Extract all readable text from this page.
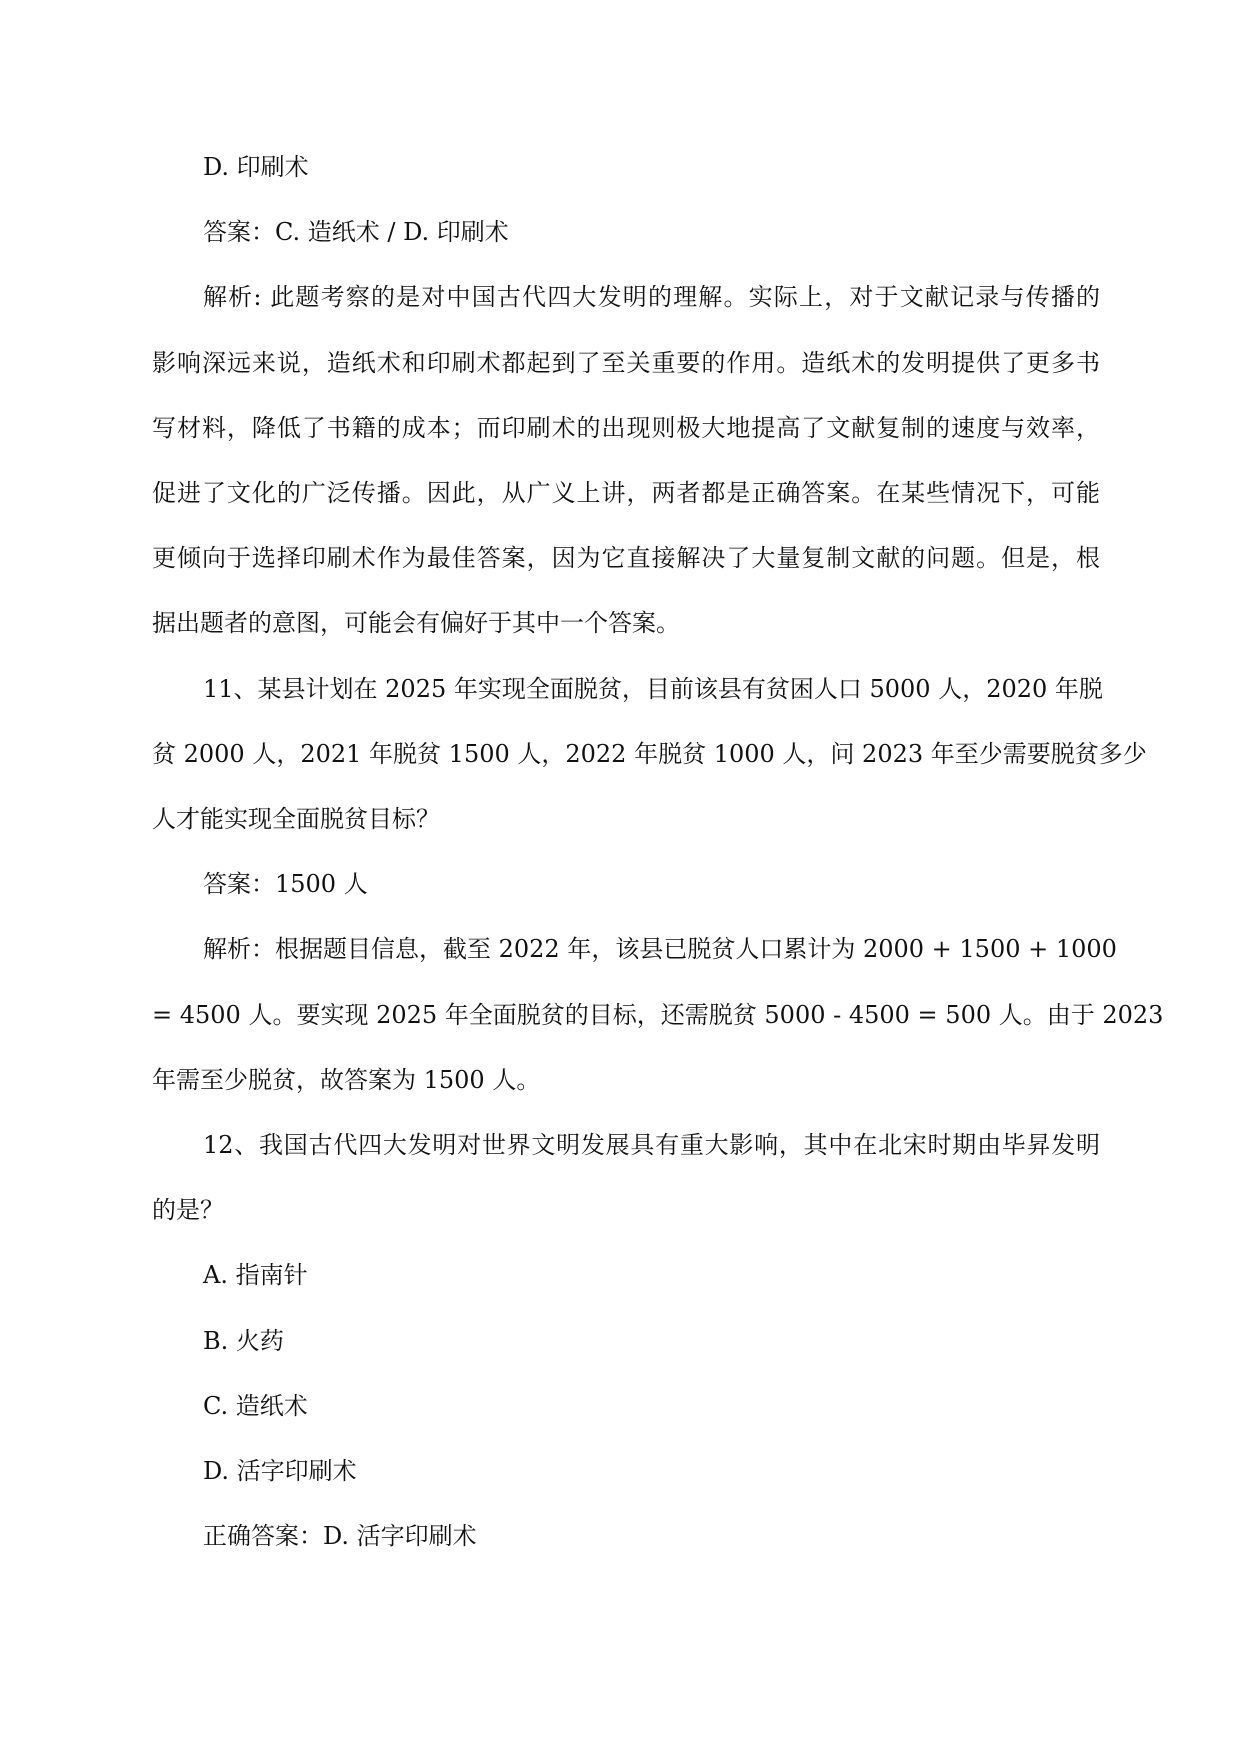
D. 印刷术
答案：C. 造纸术 / D. 印刷术
解析: 此题考察的是对中国古代四大发明的理解。实际上，对于文献记录与传播的
影响深远来说，造纸术和印刷术都起到了至关重要的作用。造纸术的发明提供了更多书
写材料，降低了书籍的成本；而印刷术的出现则极大地提高了文献复制的速度与效率，
促进了文化的广泛传播。因此，从广义上讲，两者都是正确答案。在某些情况下，可能
更倾向于选择印刷术作为最佳答案，因为它直接解决了大量复制文献的问题。但是，根
据出题者的意图，可能会有偏好于其中一个答案。
11、某县计划在 2025 年实现全面脱贫，目前该县有贫困人口 5000 人，2020 年脱
贫 2000 人，2021 年脱贫 1500 人，2022 年脱贫 1000 人，问 2023 年至少需要脱贫多少
人才能实现全面脱贫目标？
答案：1500 人
解析：根据题目信息，截至 2022 年，该县已脱贫人口累计为 2000 + 1500 + 1000
= 4500 人。要实现 2025 年全面脱贫的目标，还需脱贫 5000 - 4500 = 500 人。由于 2023
年需至少脱贫，故答案为 1500 人。
12、我国古代四大发明对世界文明发展具有重大影响，其中在北宋时期由毕昇发明
的是？
A. 指南针
B. 火药
C. 造纸术
D. 活字印刷术
正确答案：D. 活字印刷术
